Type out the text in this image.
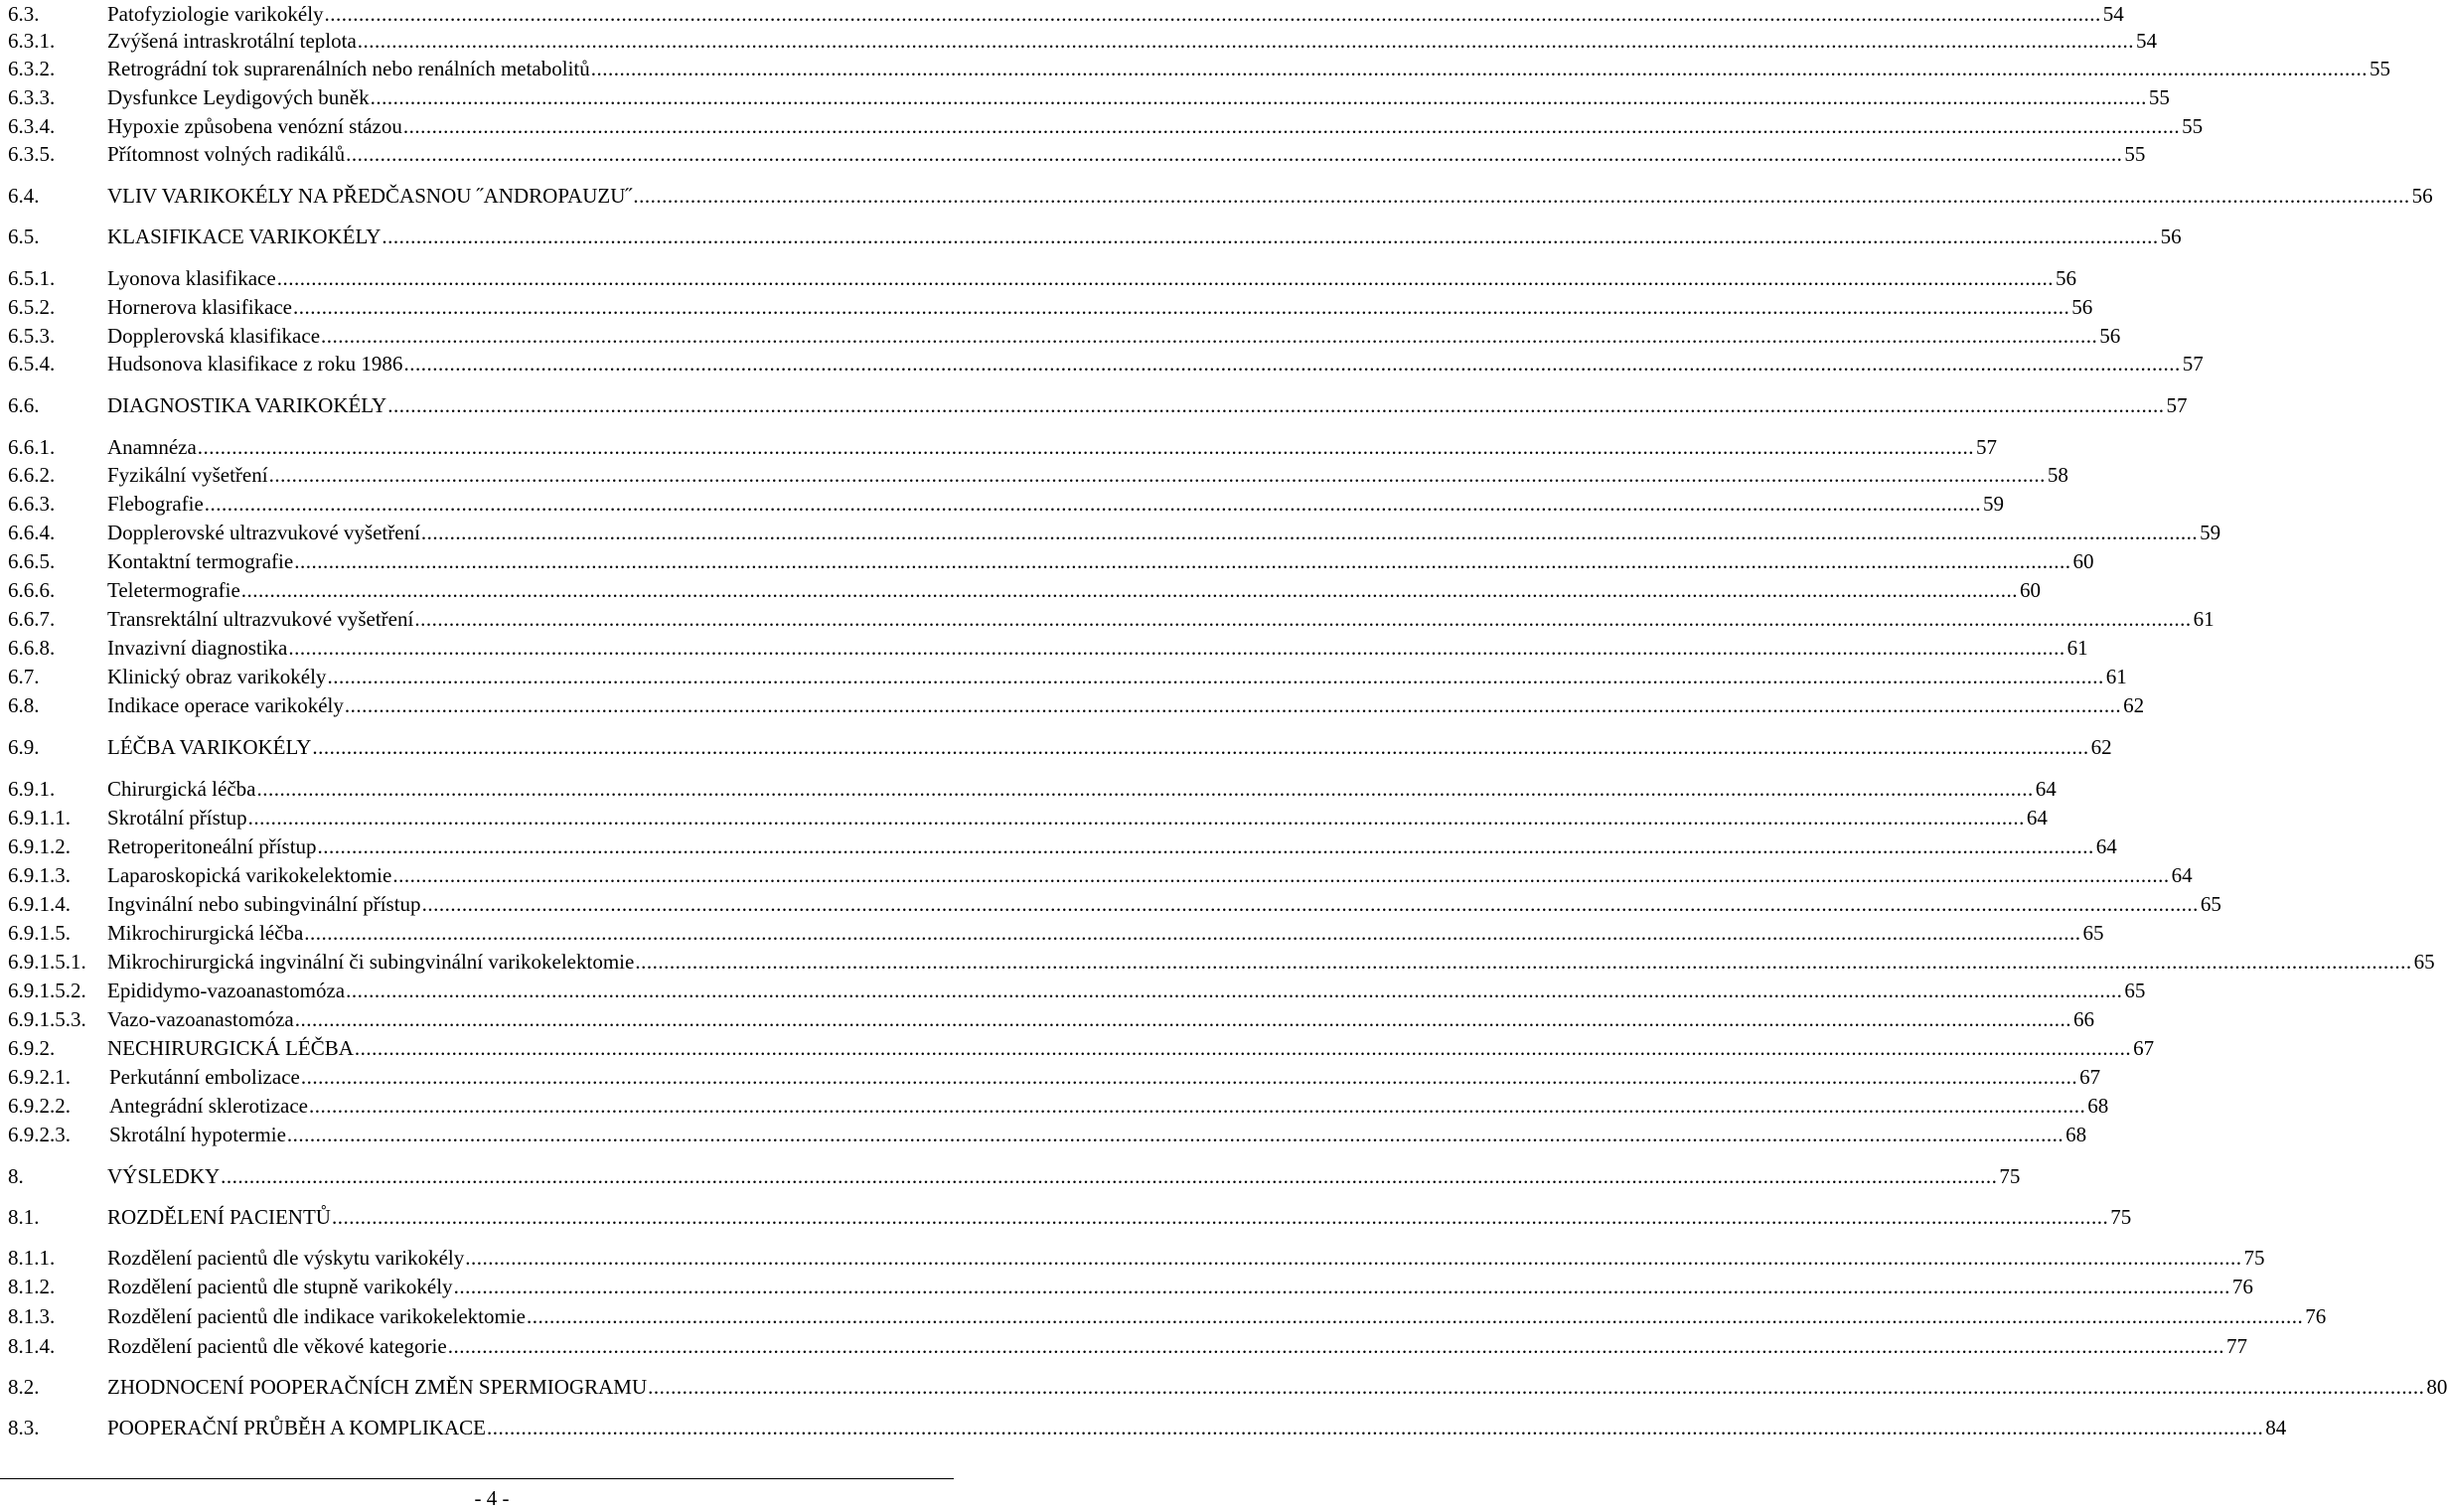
6.3.	Patofyziologie varikokély .....	54
6.3.1.	Zvýšená intraskrotální teplota .....	54
6.3.2.	Retrográdní tok suprarenálních nebo renálních metabolitů .....	55
6.3.3.	Dysfunkce Leydigových buněk .....	55
6.3.4.	Hypoxie způsobena venózní stázou .....	55
6.3.5.	Přítomnost volných radikálů .....	55
6.4.	VLIV VARIKOKÉLY NA PŘEDČASNOU ˝ANDROPAUZU˝ .....	56
6.5.	KLASIFIKACE VARIKOKÉLY .....	56
6.5.1.	Lyonova klasifikace .....	56
6.5.2.	Hornerova klasifikace .....	56
6.5.3.	Dopplerovská klasifikace .....	56
6.5.4.	Hudsonova klasifikace z roku 1986 .....	57
6.6.	DIAGNOSTIKA VARIKOKÉLY .....	57
6.6.1.	Anamnéza .....	57
6.6.2.	Fyzikální vyšetření .....	58
6.6.3.	Flebografie .....	59
6.6.4.	Dopplerovské ultrazvukové vyšetření .....	59
6.6.5.	Kontaktní termografie .....	60
6.6.6.	Teletermografie .....	60
6.6.7.	Transrektální ultrazvukové vyšetření .....	61
6.6.8.	Invazivní diagnostika .....	61
6.7.	Klinický obraz varikokély .....	61
6.8.	Indikace operace varikokély .....	62
6.9.	LÉČBA VARIKOKÉLY .....	62
6.9.1.	Chirurgická léčba .....	64
6.9.1.1.	Skrotální přístup .....	64
6.9.1.2.	Retroperitoneální přístup .....	64
6.9.1.3.	Laparoskopická varikokelektomie .....	64
6.9.1.4.	Ingvinální nebo subingvinální přístup .....	65
6.9.1.5.	Mikrochirurgická léčba .....	65
6.9.1.5.1.	Mikrochirurgická ingvinální či subingvinální varikokelektomie .....	65
6.9.1.5.2.	Epididymo-vazoanastomóza .....	65
6.9.1.5.3.	Vazo-vazoanastomóza .....	66
6.9.2.	NECHIRURGICKÁ LÉČBA .....	67
6.9.2.1.	Perkutánní embolizace .....	67
6.9.2.2.	Antegrádní sklerotizace .....	68
6.9.2.3.	Skrotální hypotermie .....	68
8.	VÝSLEDKY .....	75
8.1.	ROZDĚLENÍ PACIENTŮ .....	75
8.1.1.	Rozdělení pacientů dle výskytu varikokély .....	75
8.1.2.	Rozdělení pacientů dle stupně varikokély .....	76
8.1.3.	Rozdělení pacientů dle indikace varikokelektomie .....	76
8.1.4.	Rozdělení pacientů dle věkové kategorie .....	77
8.2.	ZHODNOCENÍ POOPERAČNÍCH ZMĚN SPERMIOGRAMU .....	80
8.3.	POOPERAČNÍ PRŮBĚH A KOMPLIKACE .....	84
- 4 -
